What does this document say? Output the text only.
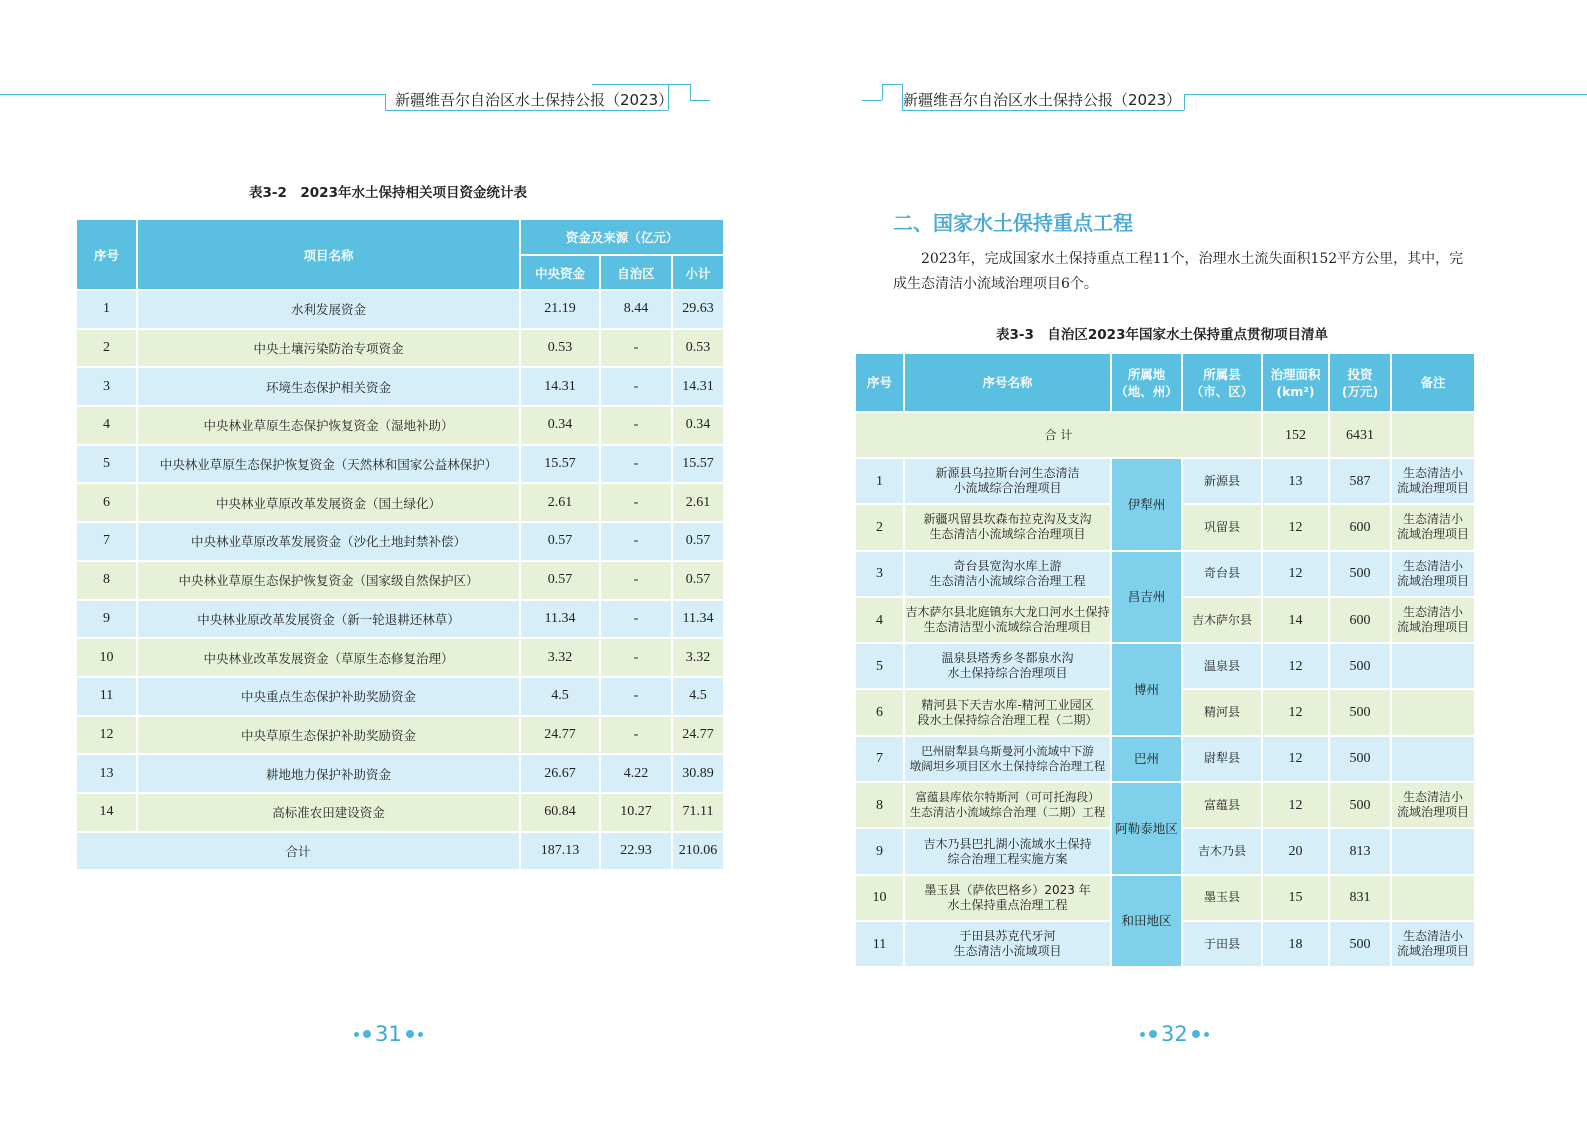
新疆维吾尔自治区水土保持公报（2023）	新疆维吾尔自治区水土保持公报（2023）
表3-2　2023年水土保持相关项目资金统计表
序号	项目名称	资金及来源（亿元）		
		中央资金	自治区	小计
1	水利发展资金	21.19	8.44	29.63
2	中央土壤污染防治专项资金	0.53	-	0.53
3	环境生态保护相关资金	14.31	-	14.31
4	中央林业草原生态保护恢复资金（湿地补助）	0.34	-	0.34
5	中央林业草原生态保护恢复资金（天然林和国家公益林保护）	15.57	-	15.57
6	中央林业草原改革发展资金（国土绿化）	2.61	-	2.61
7	中央林业草原改革发展资金（沙化土地封禁补偿）	0.57	-	0.57
8	中央林业草原生态保护恢复资金（国家级自然保护区）	0.57	-	0.57
9	中央林业原改革发展资金（新一轮退耕还林草）	11.34	-	11.34
10	中央林业改革发展资金（草原生态修复治理）	3.32	-	3.32
11	中央重点生态保护补助奖励资金	4.5	-	4.5
12	中央草原生态保护补助奖励资金	24.77	-	24.77
13	耕地地力保护补助资金	26.67	4.22	30.89
14	高标准农田建设资金	60.84	10.27	71.11
合计		187.13	22.93	210.06
31
二、国家水土保持重点工程
2023年，完成国家水土保持重点工程11个，治理水土流失面积152平方公里，其中，完成生态清洁小流域治理项目6个。
表3-3　自治区2023年国家水土保持重点贯彻项目清单
序号	序号名称	所属地
（地、州）	所属县
（市、区）	治理面积
(km²)	投资
(万元)	备注
合 计				152	6431	
1	新源县乌拉斯台河生态清洁
小流域综合治理项目	伊犁州	新源县	13	587	生态清洁小
流域治理项目
2	新疆巩留县坎森布拉克沟及支沟
生态清洁小流域综合治理项目		巩留县	12	600	生态清洁小
流域治理项目
3	奇台县宽沟水库上游
生态清洁小流域综合治理工程	昌吉州	奇台县	12	500	生态清洁小
流域治理项目
4	吉木萨尔县北庭镇东大龙口河水土保持
生态清洁型小流域综合治理项目		吉木萨尔县	14	600	生态清洁小
流域治理项目
5	温泉县塔秀乡冬都泉水沟
水土保持综合治理项目	博州	温泉县	12	500	
6	精河县下天吉水库-精河工业园区
段水土保持综合治理工程（二期）		精河县	12	500	
7	巴州尉犁县乌斯曼河小流域中下游
墩阔坦乡项目区水土保持综合治理工程	巴州	尉犁县	12	500	
8	富蕴县库依尔特斯河（可可托海段）
生态清洁小流域综合治理（二期）工程	阿勒泰地区	富蕴县	12	500	生态清洁小
流域治理项目
9	吉木乃县巴扎湖小流域水土保持
综合治理工程实施方案		吉木乃县	20	813	
10	墨玉县（萨依巴格乡）2023 年
水土保持重点治理工程	和田地区	墨玉县	15	831	
11	于田县苏克代牙河
生态清洁小流域项目		于田县	18	500	生态清洁小
流域治理项目
32
